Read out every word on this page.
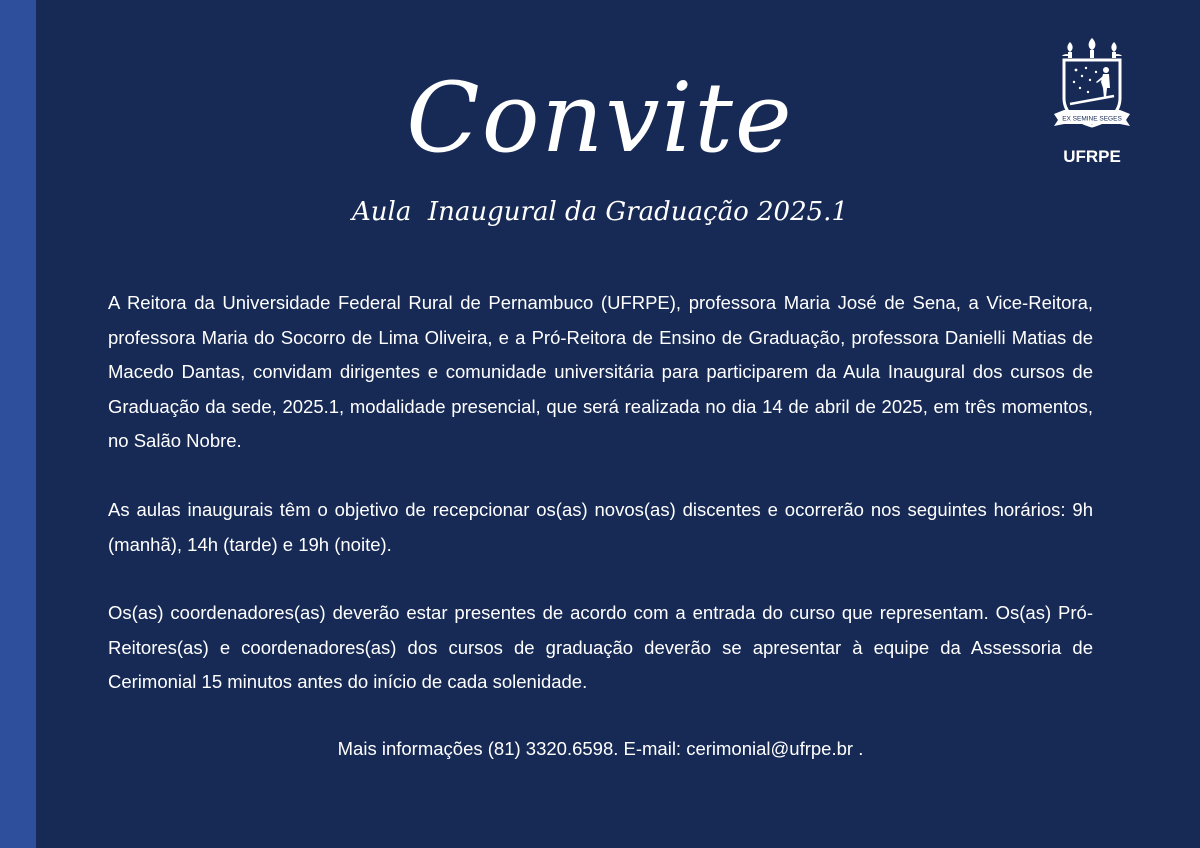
Convite
Aula  Inaugural da Graduação 2025.1
EX SEMINE SEGES
UFRPE

A Reitora da Universidade Federal Rural de Pernambuco (UFRPE), professora Maria José de Sena, a Vice-Reitora, professora Maria do Socorro de Lima Oliveira, e a Pró-Reitora de Ensino de Graduação, professora Danielli Matias de Macedo Dantas, convidam dirigentes e comunidade universitária para participarem da Aula Inaugural dos cursos de Graduação da sede, 2025.1, modalidade presencial, que será realizada no dia 14 de abril de 2025, em três momentos, no Salão Nobre.

As aulas inaugurais têm o objetivo de recepcionar os(as) novos(as) discentes e ocorrerão nos seguintes horários: 9h (manhã), 14h (tarde) e 19h (noite).

Os(as) coordenadores(as) deverão estar presentes de acordo com a entrada do curso que representam. Os(as) Pró-Reitores(as) e coordenadores(as) dos cursos de graduação deverão se apresentar à equipe da Assessoria de Cerimonial 15 minutos antes do início de cada solenidade.

Mais informações (81) 3320.6598. E-mail: cerimonial@ufrpe.br .
